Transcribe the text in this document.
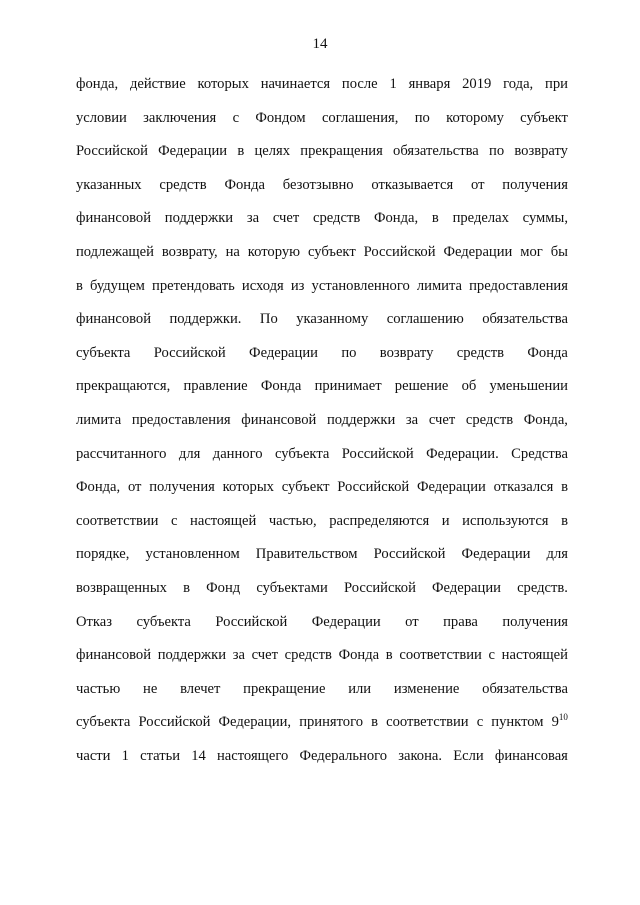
14
фонда, действие которых начинается после 1 января 2019 года, при
условии заключения с Фондом соглашения, по которому субъект
Российской Федерации в целях прекращения обязательства по возврату
указанных средств Фонда безотзывно отказывается от получения
финансовой поддержки за счет средств Фонда, в пределах суммы,
подлежащей возврату, на которую субъект Российской Федерации мог бы
в будущем претендовать исходя из установленного лимита предоставления
финансовой поддержки. По указанному соглашению обязательства
субъекта Российской Федерации по возврату средств Фонда
прекращаются, правление Фонда принимает решение об уменьшении
лимита предоставления финансовой поддержки за счет средств Фонда,
рассчитанного для данного субъекта Российской Федерации. Средства
Фонда, от получения которых субъект Российской Федерации отказался в
соответствии с настоящей частью, распределяются и используются в
порядке, установленном Правительством Российской Федерации для
возвращенных в Фонд субъектами Российской Федерации средств.
Отказ субъекта Российской Федерации от права получения
финансовой поддержки за счет средств Фонда в соответствии с настоящей
частью не влечет прекращение или изменение обязательства
субъекта Российской Федерации, принятого в соответствии с пунктом $9^{10}$
части 1 статьи 14 настоящего Федерального закона. Если финансовая
